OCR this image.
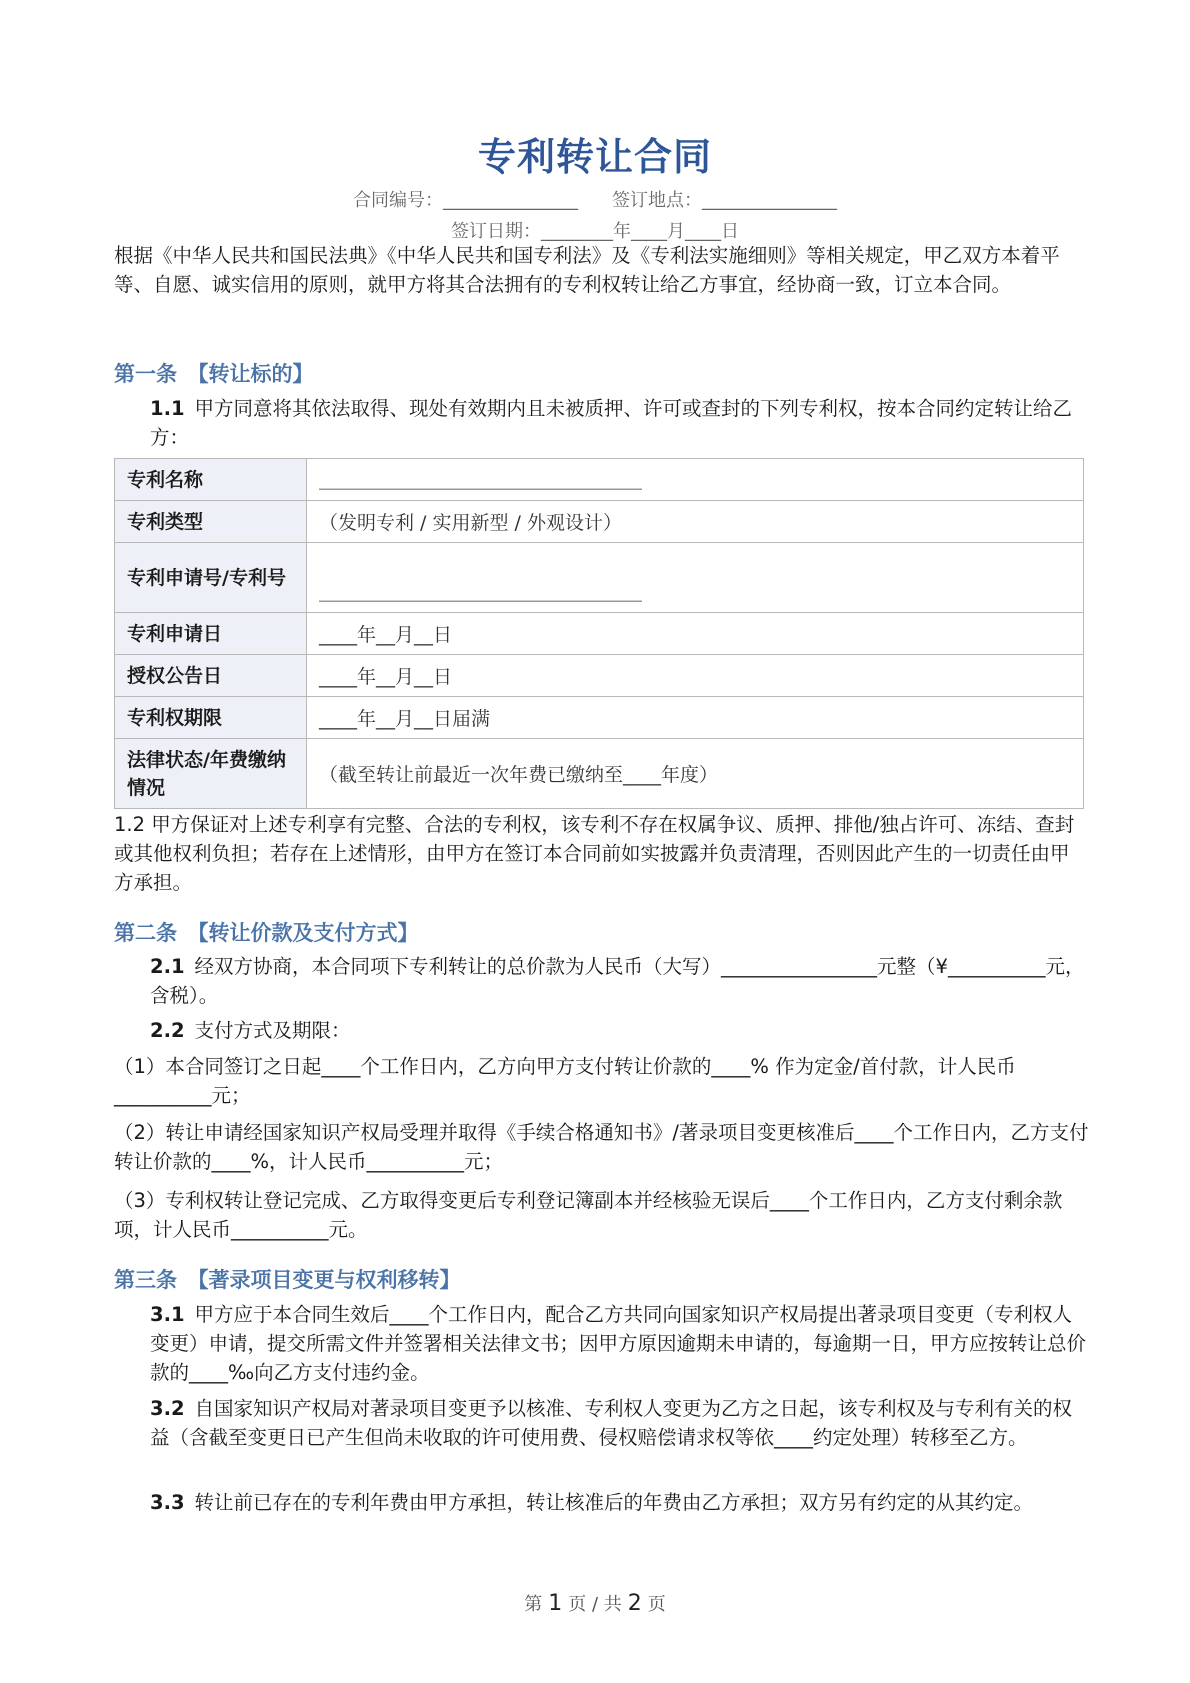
专利转让合同
合同编号：_______________ 签订地点：_______________
签订日期：________年____月____日
根据《中华人民共和国民法典》《中华人民共和国专利法》及《专利法实施细则》等相关规定，甲乙双方本着平等、自愿、诚实信用的原则，就甲方将其合法拥有的专利权转让给乙方事宜，经协商一致，订立本合同。
第一条　【转让标的】
1.1 甲方同意将其依法取得、现处有效期内且未被质押、许可或查封的下列专利权，按本合同约定转让给乙方：
专利名称	＿＿＿＿＿＿＿＿＿＿＿＿＿＿＿＿＿
专利类型	（发明专利 / 实用新型 / 外观设计）
专利申请号/专利号	＿＿＿＿＿＿＿＿＿＿＿＿＿＿＿＿＿
专利申请日	____年__月__日
授权公告日	____年__月__日
专利权期限	____年__月__日届满
法律状态/年费缴纳情况	（截至转让前最近一次年费已缴纳至____年度）
1.2 甲方保证对上述专利享有完整、合法的专利权，该专利不存在权属争议、质押、排他/独占许可、冻结、查封或其他权利负担；若存在上述情形，由甲方在签订本合同前如实披露并负责清理，否则因此产生的一切责任由甲方承担。
第二条　【转让价款及支付方式】
2.1 经双方协商，本合同项下专利转让的总价款为人民币（大写）________________元整（¥__________元，含税）。
2.2 支付方式及期限：
（1）本合同签订之日起____个工作日内，乙方向甲方支付转让价款的____% 作为定金/首付款，计人民币__________元；
（2）转让申请经国家知识产权局受理并取得《手续合格通知书》/著录项目变更核准后____个工作日内，乙方支付转让价款的____%，计人民币__________元；
（3）专利权转让登记完成、乙方取得变更后专利登记簿副本并经核验无误后____个工作日内，乙方支付剩余款项，计人民币__________元。
第三条　【著录项目变更与权利移转】
3.1 甲方应于本合同生效后____个工作日内，配合乙方共同向国家知识产权局提出著录项目变更（专利权人变更）申请，提交所需文件并签署相关法律文书；因甲方原因逾期未申请的，每逾期一日，甲方应按转让总价款的____‰向乙方支付违约金。
3.2 自国家知识产权局对著录项目变更予以核准、专利权人变更为乙方之日起，该专利权及与专利有关的权益（含截至变更日已产生但尚未收取的许可使用费、侵权赔偿请求权等依____约定处理）转移至乙方。
3.3 转让前已存在的专利年费由甲方承担，转让核准后的年费由乙方承担；双方另有约定的从其约定。
第 1 页 / 共 2 页
